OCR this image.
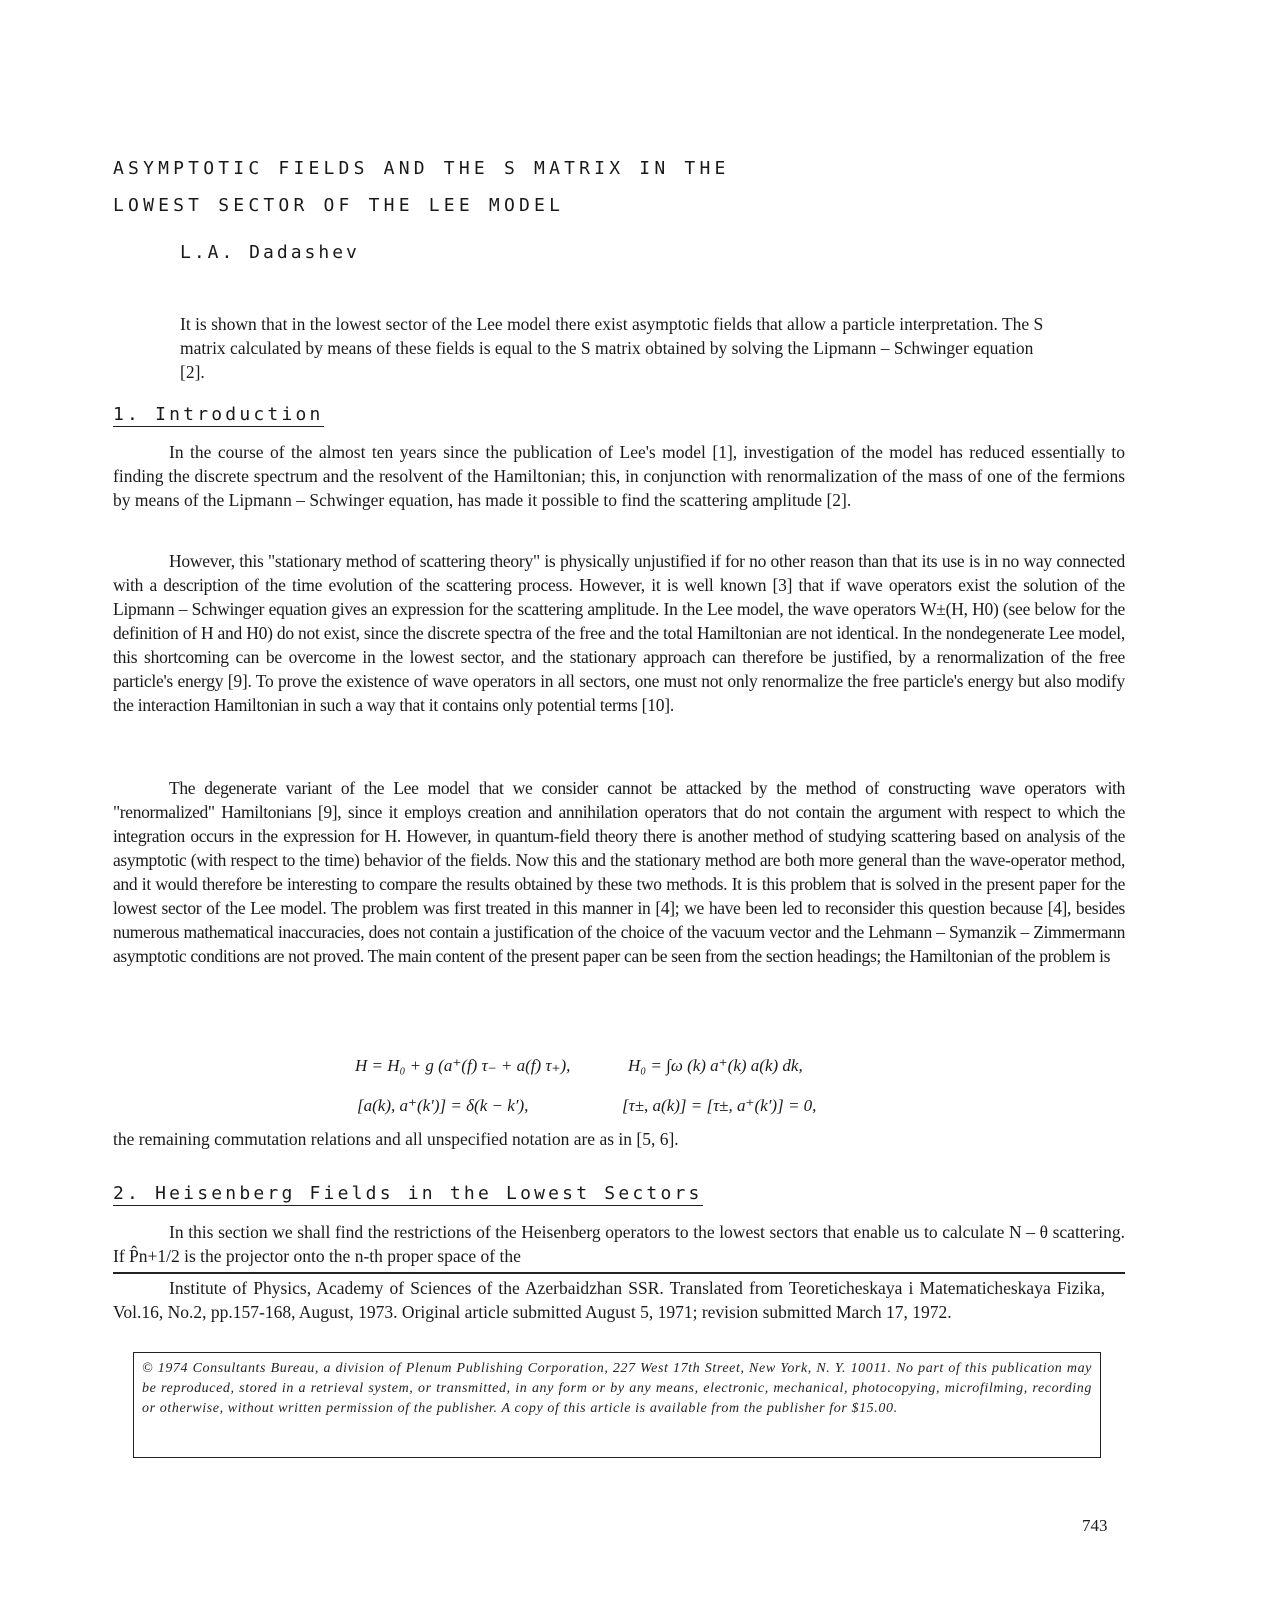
ASYMPTOTIC FIELDS AND THE S MATRIX IN THE
LOWEST SECTOR OF THE LEE MODEL
L.A. Dadashev
It is shown that in the lowest sector of the Lee model there exist asymptotic fields that allow a particle interpretation. The S matrix calculated by means of these fields is equal to the S matrix obtained by solving the Lipmann – Schwinger equation [2].
1. Introduction
In the course of the almost ten years since the publication of Lee's model [1], investigation of the model has reduced essentially to finding the discrete spectrum and the resolvent of the Hamiltonian; this, in conjunction with renormalization of the mass of one of the fermions by means of the Lipmann – Schwinger equation, has made it possible to find the scattering amplitude [2].
However, this "stationary method of scattering theory" is physically unjustified if for no other reason than that its use is in no way connected with a description of the time evolution of the scattering process. However, it is well known [3] that if wave operators exist the solution of the Lipmann – Schwinger equation gives an expression for the scattering amplitude. In the Lee model, the wave operators W±(H, H0) (see below for the definition of H and H0) do not exist, since the discrete spectra of the free and the total Hamiltonian are not identical. In the nondegenerate Lee model, this shortcoming can be overcome in the lowest sector, and the stationary approach can therefore be justified, by a renormalization of the free particle's energy [9]. To prove the existence of wave operators in all sectors, one must not only renormalize the free particle's energy but also modify the interaction Hamiltonian in such a way that it contains only potential terms [10].
The degenerate variant of the Lee model that we consider cannot be attacked by the method of constructing wave operators with "renormalized" Hamiltonians [9], since it employs creation and annihilation operators that do not contain the argument with respect to which the integration occurs in the expression for H. However, in quantum-field theory there is another method of studying scattering based on analysis of the asymptotic (with respect to the time) behavior of the fields. Now this and the stationary method are both more general than the wave-operator method, and it would therefore be interesting to compare the results obtained by these two methods. It is this problem that is solved in the present paper for the lowest sector of the Lee model. The problem was first treated in this manner in [4]; we have been led to reconsider this question because [4], besides numerous mathematical inaccuracies, does not contain a justification of the choice of the vacuum vector and the Lehmann – Symanzik – Zimmermann asymptotic conditions are not proved. The main content of the present paper can be seen from the section headings; the Hamiltonian of the problem is
H = H₀ + g (a⁺(f) τ₋ + a(f) τ₊),	H₀ = ∫ω (k) a⁺(k) a(k) dk,
[a(k), a⁺(k′)] = δ(k − k′),	[τ±, a(k)] = [τ±, a⁺(k′)] = 0,
the remaining commutation relations and all unspecified notation are as in [5, 6].
2. Heisenberg Fields in the Lowest Sectors
In this section we shall find the restrictions of the Heisenberg operators to the lowest sectors that enable us to calculate N – θ scattering. If P̂n+1/2 is the projector onto the n-th proper space of the
Institute of Physics, Academy of Sciences of the Azerbaidzhan SSR. Translated from Teoreticheskaya i Matematicheskaya Fizika, Vol.16, No.2, pp.157-168, August, 1973. Original article submitted August 5, 1971; revision submitted March 17, 1972.
© 1974 Consultants Bureau, a division of Plenum Publishing Corporation, 227 West 17th Street, New York, N. Y. 10011. No part of this publication may be reproduced, stored in a retrieval system, or transmitted, in any form or by any means, electronic, mechanical, photocopying, microfilming, recording or otherwise, without written permission of the publisher. A copy of this article is available from the publisher for $15.00.
743
